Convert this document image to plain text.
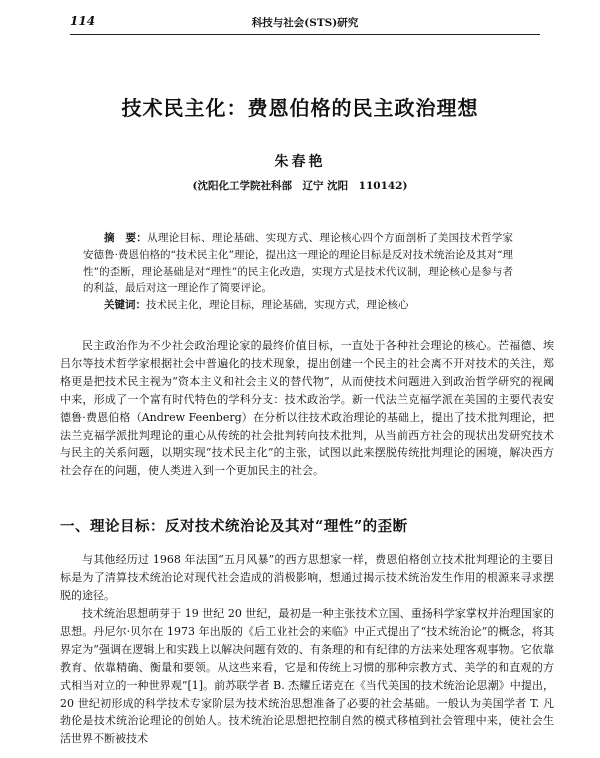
114	科技与社会(STS)研究
技术民主化：费恩伯格的民主政治理想
朱春艳
(沈阳化工学院社科部　辽宁 沈阳　110142)
摘　要：从理论目标、理论基础、实现方式、理论核心四个方面剖析了美国技术哲学家安德鲁·费恩伯格的“技术民主化”理论，提出这一理论的理论目标是反对技术统治论及其对“理性”的歪断，理论基础是对“理性”的民主化改造，实现方式是技术代议制，理论核心是参与者的利益，最后对这一理论作了简要评论。
关键词：技术民主化，理论目标，理论基础，实现方式，理论核心

民主政治作为不少社会政治理论家的最终价值目标，一直处于各种社会理论的核心。芒福德、埃吕尔等技术哲学家根据社会中普遍化的技术现象，提出创建一个民主的社会离不开对技术的关注，郑格更是把技术民主视为“资本主义和社会主义的替代物”，从而使技术问题进入到政治哲学研究的视阈中来，形成了一个富有时代特色的学科分支：技术政治学。新一代法兰克福学派在美国的主要代表安德鲁·费恩伯格（Andrew Feenberg）在分析以往技术政治理论的基础上，提出了技术批判理论，把法兰克福学派批判理论的重心从传统的社会批判转向技术批判，从当前西方社会的现状出发研究技术与民主的关系问题，以期实现“技术民主化”的主张，试图以此来摆脱传统批判理论的困境，解决西方社会存在的问题，使人类进入到一个更加民主的社会。

一、理论目标：反对技术统治论及其对“理性”的歪断

与其他经历过 1968 年法国“五月风暴”的西方思想家一样，费恩伯格创立技术批判理论的主要目标是为了清算技术统治论对现代社会造成的消极影响，想通过揭示技术统治发生作用的根源来寻求摆脱的途径。

技术统治思想萌芽于 19 世纪 20 世纪，最初是一种主张技术立国、重扬科学家掌权并治理国家的思想。丹尼尔·贝尔在 1973 年出版的《后工业社会的来临》中正式提出了“技术统治论”的概念，将其界定为“强调在逻辑上和实践上以解决问题有效的、有条理的和有纪律的方法来处理客观事物。它依靠教育、依靠精确、衡量和要领。从这些来看，它是和传统上习惯的那种宗教方式、美学的和直观的方式相当对立的一种世界观”[1]。前苏联学者 B. 杰耀丘诺克在《当代美国的技术统治论思潮》中提出，20 世纪初形成的科学技术专家阶层为技术统治思想准备了必要的社会基础。一般认为美国学者 T. 凡勃伦是技术统治论理论的创始人。技术统治论思想把控制自然的模式移植到社会管理中来，使社会生活世界不断被技术
